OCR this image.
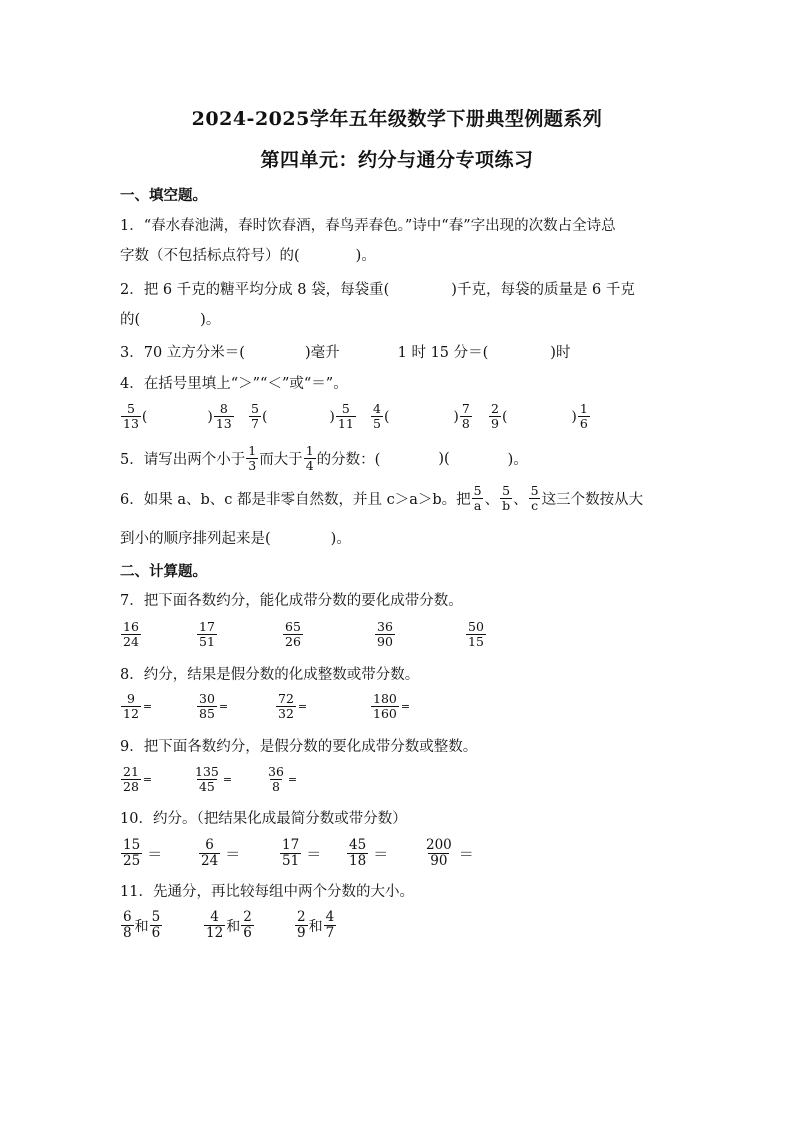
2024-2025学年五年级数学下册典型例题系列
第四单元：约分与通分专项练习
一、填空题。
1．“春水春池满，春时饮春酒，春鸟弄春色。”诗中“春”字出现的次数占全诗总
字数（不包括标点符号）的(	)。
2．把 6 千克的糖平均分成 8 袋，每袋重(	)千克，每袋的质量是 6 千克
的(	)。
3．70 立方分米＝(	)毫升	1 时 15 分＝(	)时
4．在括号里填上“＞”“＜”或“＝”。
$\frac{5}{13}$ (	) $\frac{8}{13} \frac{5}{7}$ (	) $\frac{5}{11} \frac{4}{5}$ (	) $\frac{7}{8} \frac{2}{9}$ (	) $\frac{1}{6}$
5．请写出两个小于 $\frac{1}{3}$ 而大于 $\frac{1}{4}$ 的分数：(	)(	)。
6．如果 a、b、c 都是非零自然数，并且 c＞a＞b。把 $\frac{5}{a}$ 、 $\frac{5}{b}$ 、 $\frac{5}{c}$ 这三个数按从大
到小的顺序排列起来是(	)。
二、计算题。
7．把下面各数约分，能化成带分数的要化成带分数。
$\frac{16}{24}$	$\frac{17}{51}$	$\frac{65}{26}$	$\frac{36}{90}$	$\frac{50}{15}$
8．约分，结果是假分数的化成整数或带分数。
$\frac{9}{12}$ =	$\frac{30}{85}$ =	$\frac{72}{32}$ =	$\frac{180}{160}$ =
9．把下面各数约分，是假分数的要化成带分数或整数。
$\frac{21}{28}$ =	$\frac{135}{45}$ =	$\frac{36}{8}$ =
10．约分。（把结果化成最简分数或带分数）
$\frac{15}{25}$ ＝	$\frac{6}{24}$ ＝	$\frac{17}{51} = \frac{45}{18}$ ＝	$\frac{200}{90}$ ＝
11．先通分，再比较每组中两个分数的大小。
$\frac{6}{8}$ 和 $\frac{5}{6}$	$\frac{4}{12}$ 和 $\frac{2}{6}$	$\frac{2}{9}$ 和 $\frac{4}{7}$
